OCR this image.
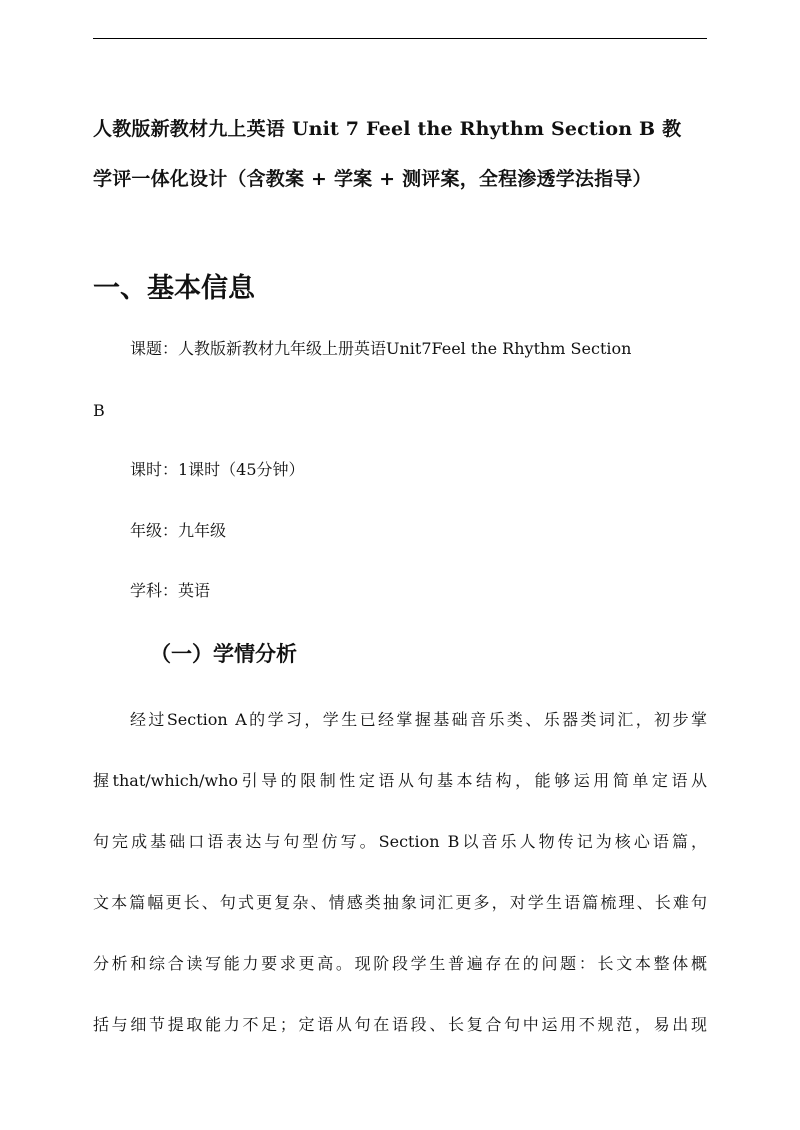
人教版新教材九上英语 Unit 7 Feel the Rhythm Section B 教
学评一体化设计（含教案 + 学案 + 测评案，全程渗透学法指导）
一、基本信息
课题：人教版新教材九年级上册英语Unit7Feel the Rhythm Section
B
课时：1课时（45分钟）
年级：九年级
学科：英语
（一）学情分析
经过Section A的学习，学生已经掌握基础音乐类、乐器类词汇，初步掌
握that/which/who引导的限制性定语从句基本结构，能够运用简单定语从
句完成基础口语表达与句型仿写。Section B以音乐人物传记为核心语篇，
文本篇幅更长、句式更复杂、情感类抽象词汇更多，对学生语篇梳理、长难句
分析和综合读写能力要求更高。现阶段学生普遍存在的问题：长文本整体概
括与细节提取能力不足；定语从句在语段、长复合句中运用不规范，易出现
